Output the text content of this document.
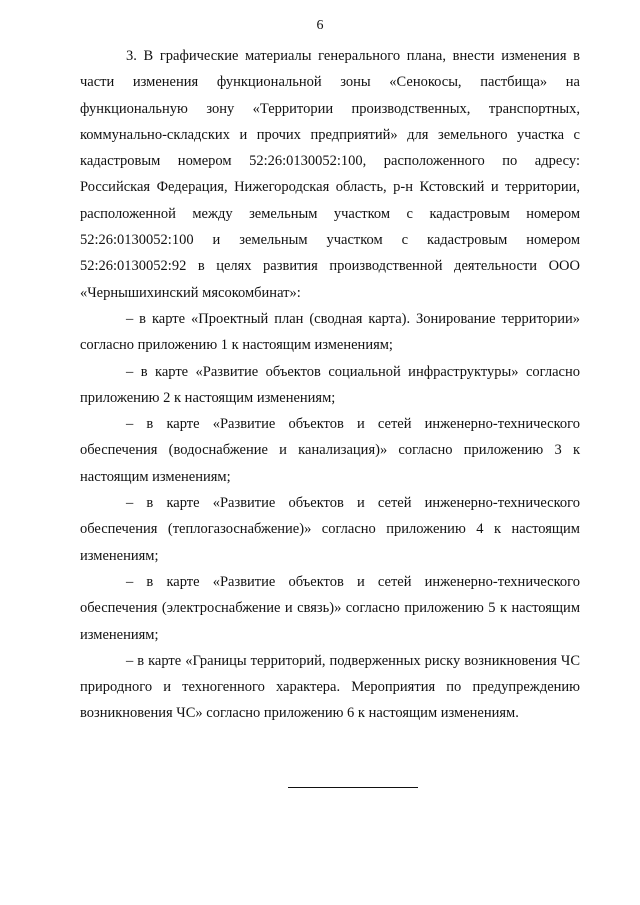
6

3. В графические материалы генерального плана, внести изменения в части изменения функциональной зоны «Сенокосы, пастбища» на функциональную зону «Территории производственных, транспортных, коммунально-складских и прочих предприятий» для земельного участка с кадастровым номером 52:26:0130052:100, расположенного по адресу: Российская Федерация, Нижегородская область, р-н Кстовский и территории, расположенной между земельным участком с кадастровым номером 52:26:0130052:100 и земельным участком с кадастровым номером 52:26:0130052:92 в целях развития производственной деятельности ООО «Чернышихинский мясокомбинат»:

– в карте «Проектный план (сводная карта). Зонирование территории» согласно приложению 1 к настоящим изменениям;

– в карте «Развитие объектов социальной инфраструктуры» согласно приложению 2 к настоящим изменениям;

– в карте «Развитие объектов и сетей инженерно-технического обеспечения (водоснабжение и канализация)» согласно приложению 3 к настоящим изменениям;

– в карте «Развитие объектов и сетей инженерно-технического обеспечения (теплогазоснабжение)» согласно приложению 4 к настоящим изменениям;

– в карте «Развитие объектов и сетей инженерно-технического обеспечения (электроснабжение и связь)» согласно приложению 5 к настоящим изменениям;

– в карте «Границы территорий, подверженных риску возникновения ЧС природного и техногенного характера. Мероприятия по предупреждению возникновения ЧС» согласно приложению 6 к настоящим изменениям.
